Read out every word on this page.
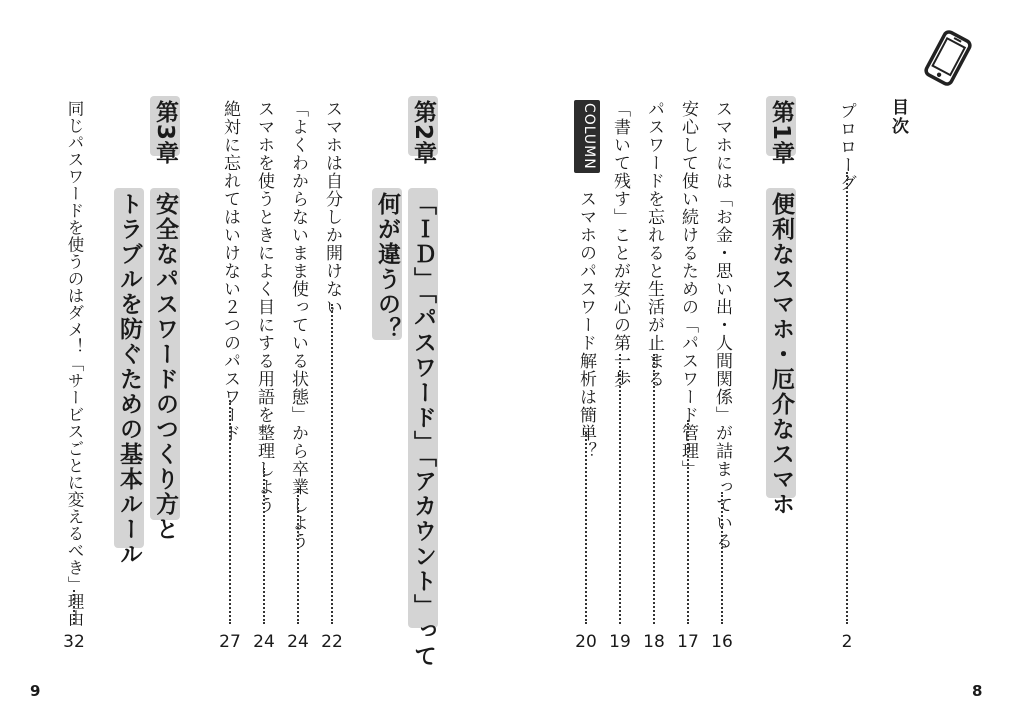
目次
プロローグ
2
第1章
便利なスマホ・厄介なスマホ
スマホには「お金・思い出・人間関係」が詰まっている
16
安心して使い続けるための「パスワード管理」
17
パスワードを忘れると生活が止まる
18
「書いて残す」ことが安心の第一歩
19
COLUMN
スマホのパスワード解析は簡単？
20
第2章
「ＩＤ」「パスワード」「アカウント」って
何が違うの？
スマホは自分しか開けない
22
「よくわからないまま使っている状態」から卒業しよう
24
スマホを使うときによく目にする用語を整理しよう
24
絶対に忘れてはいけない２つのパスワード
27
第3章
安全なパスワードのつくり方と
トラブルを防ぐための基本ルール
同じパスワードを使うのはダメ！「サービスごとに変えるべき」理由
32
9	8
